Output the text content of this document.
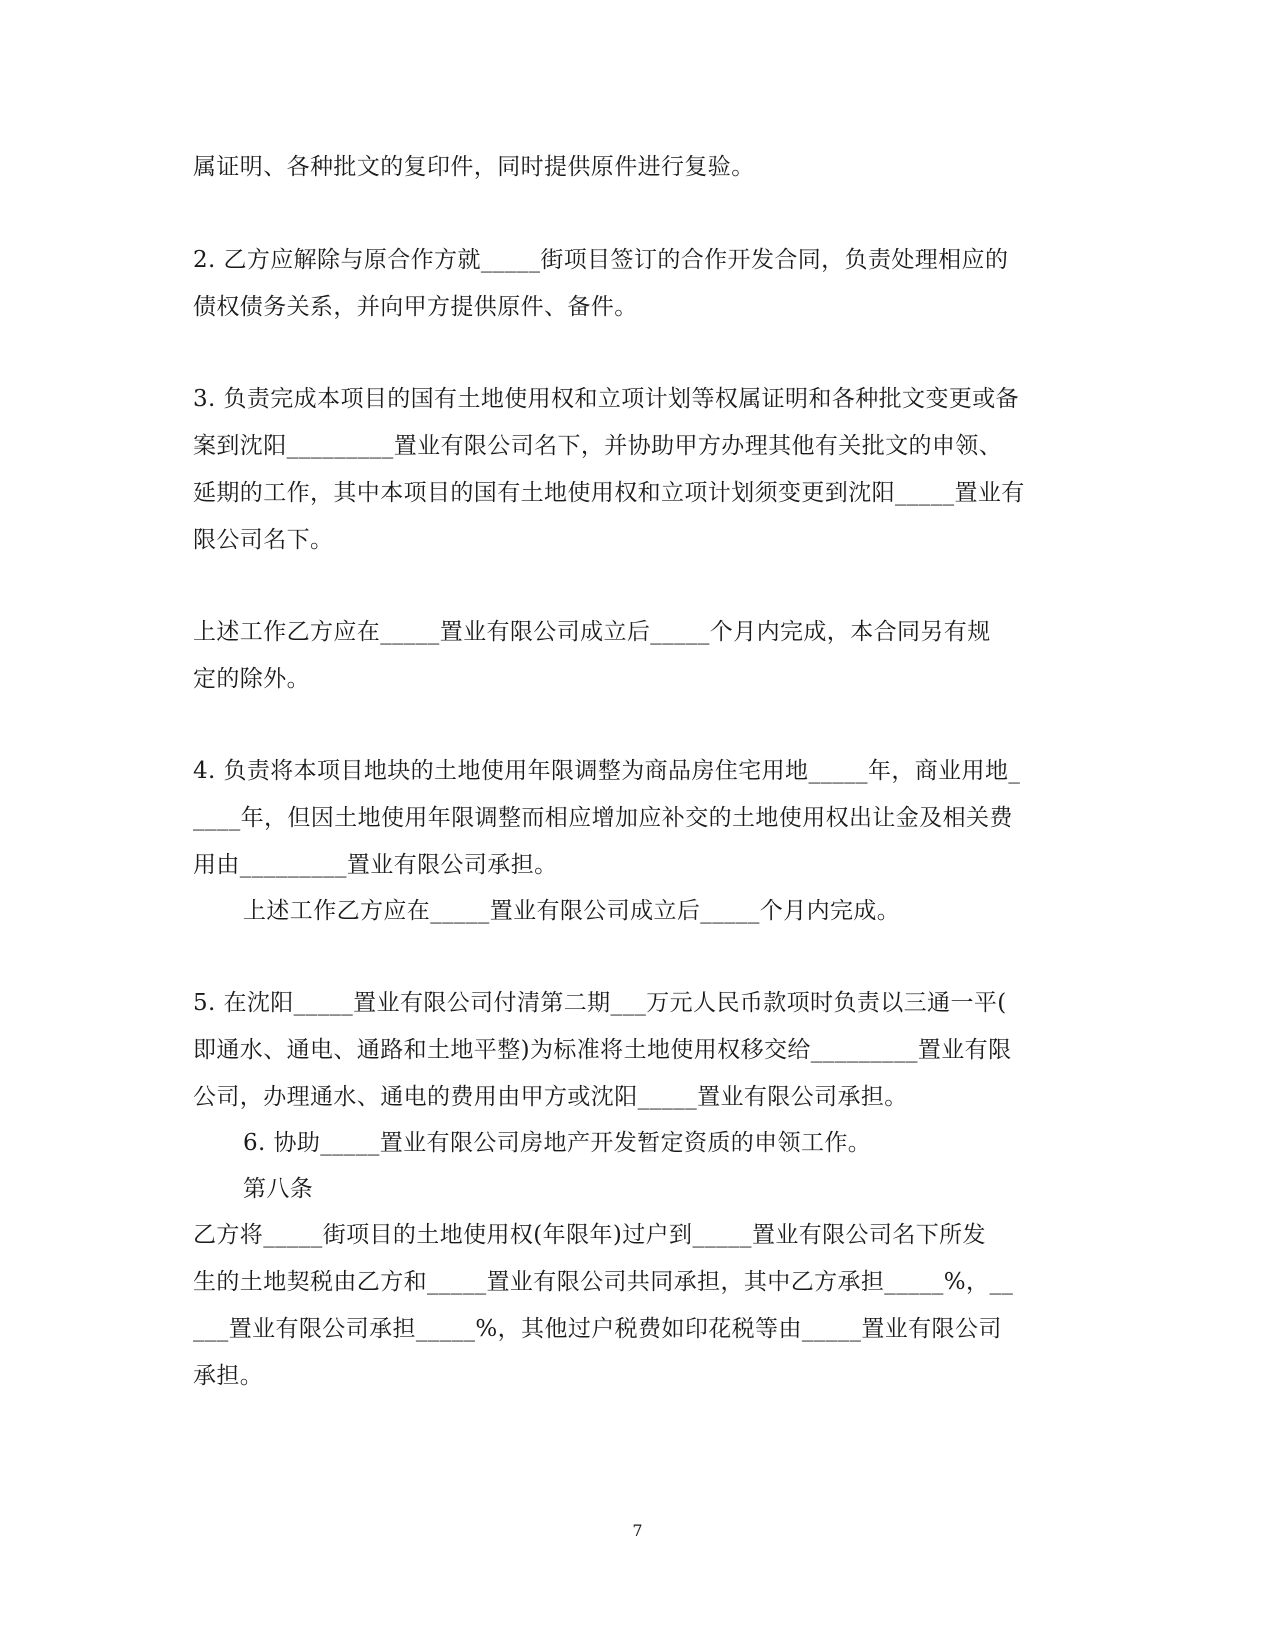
属证明、各种批文的复印件，同时提供原件进行复验。
2. 乙方应解除与原合作方就_____街项目签订的合作开发合同，负责处理相应的
债权债务关系，并向甲方提供原件、备件。
3. 负责完成本项目的国有土地使用权和立项计划等权属证明和各种批文变更或备
案到沈阳_________置业有限公司名下，并协助甲方办理其他有关批文的申领、
延期的工作，其中本项目的国有土地使用权和立项计划须变更到沈阳_____置业有
限公司名下。
上述工作乙方应在_____置业有限公司成立后_____个月内完成，本合同另有规
定的除外。
4. 负责将本项目地块的土地使用年限调整为商品房住宅用地_____年，商业用地_
____年，但因土地使用年限调整而相应增加应补交的土地使用权出让金及相关费
用由_________置业有限公司承担。
上述工作乙方应在_____置业有限公司成立后_____个月内完成。
5. 在沈阳_____置业有限公司付清第二期___万元人民币款项时负责以三通一平(
即通水、通电、通路和土地平整)为标准将土地使用权移交给_________置业有限
公司，办理通水、通电的费用由甲方或沈阳_____置业有限公司承担。
6. 协助_____置业有限公司房地产开发暂定资质的申领工作。
第八条
乙方将_____街项目的土地使用权(年限年)过户到_____置业有限公司名下所发
生的土地契税由乙方和_____置业有限公司共同承担，其中乙方承担_____%，__
___置业有限公司承担_____%，其他过户税费如印花税等由_____置业有限公司
承担。
7
